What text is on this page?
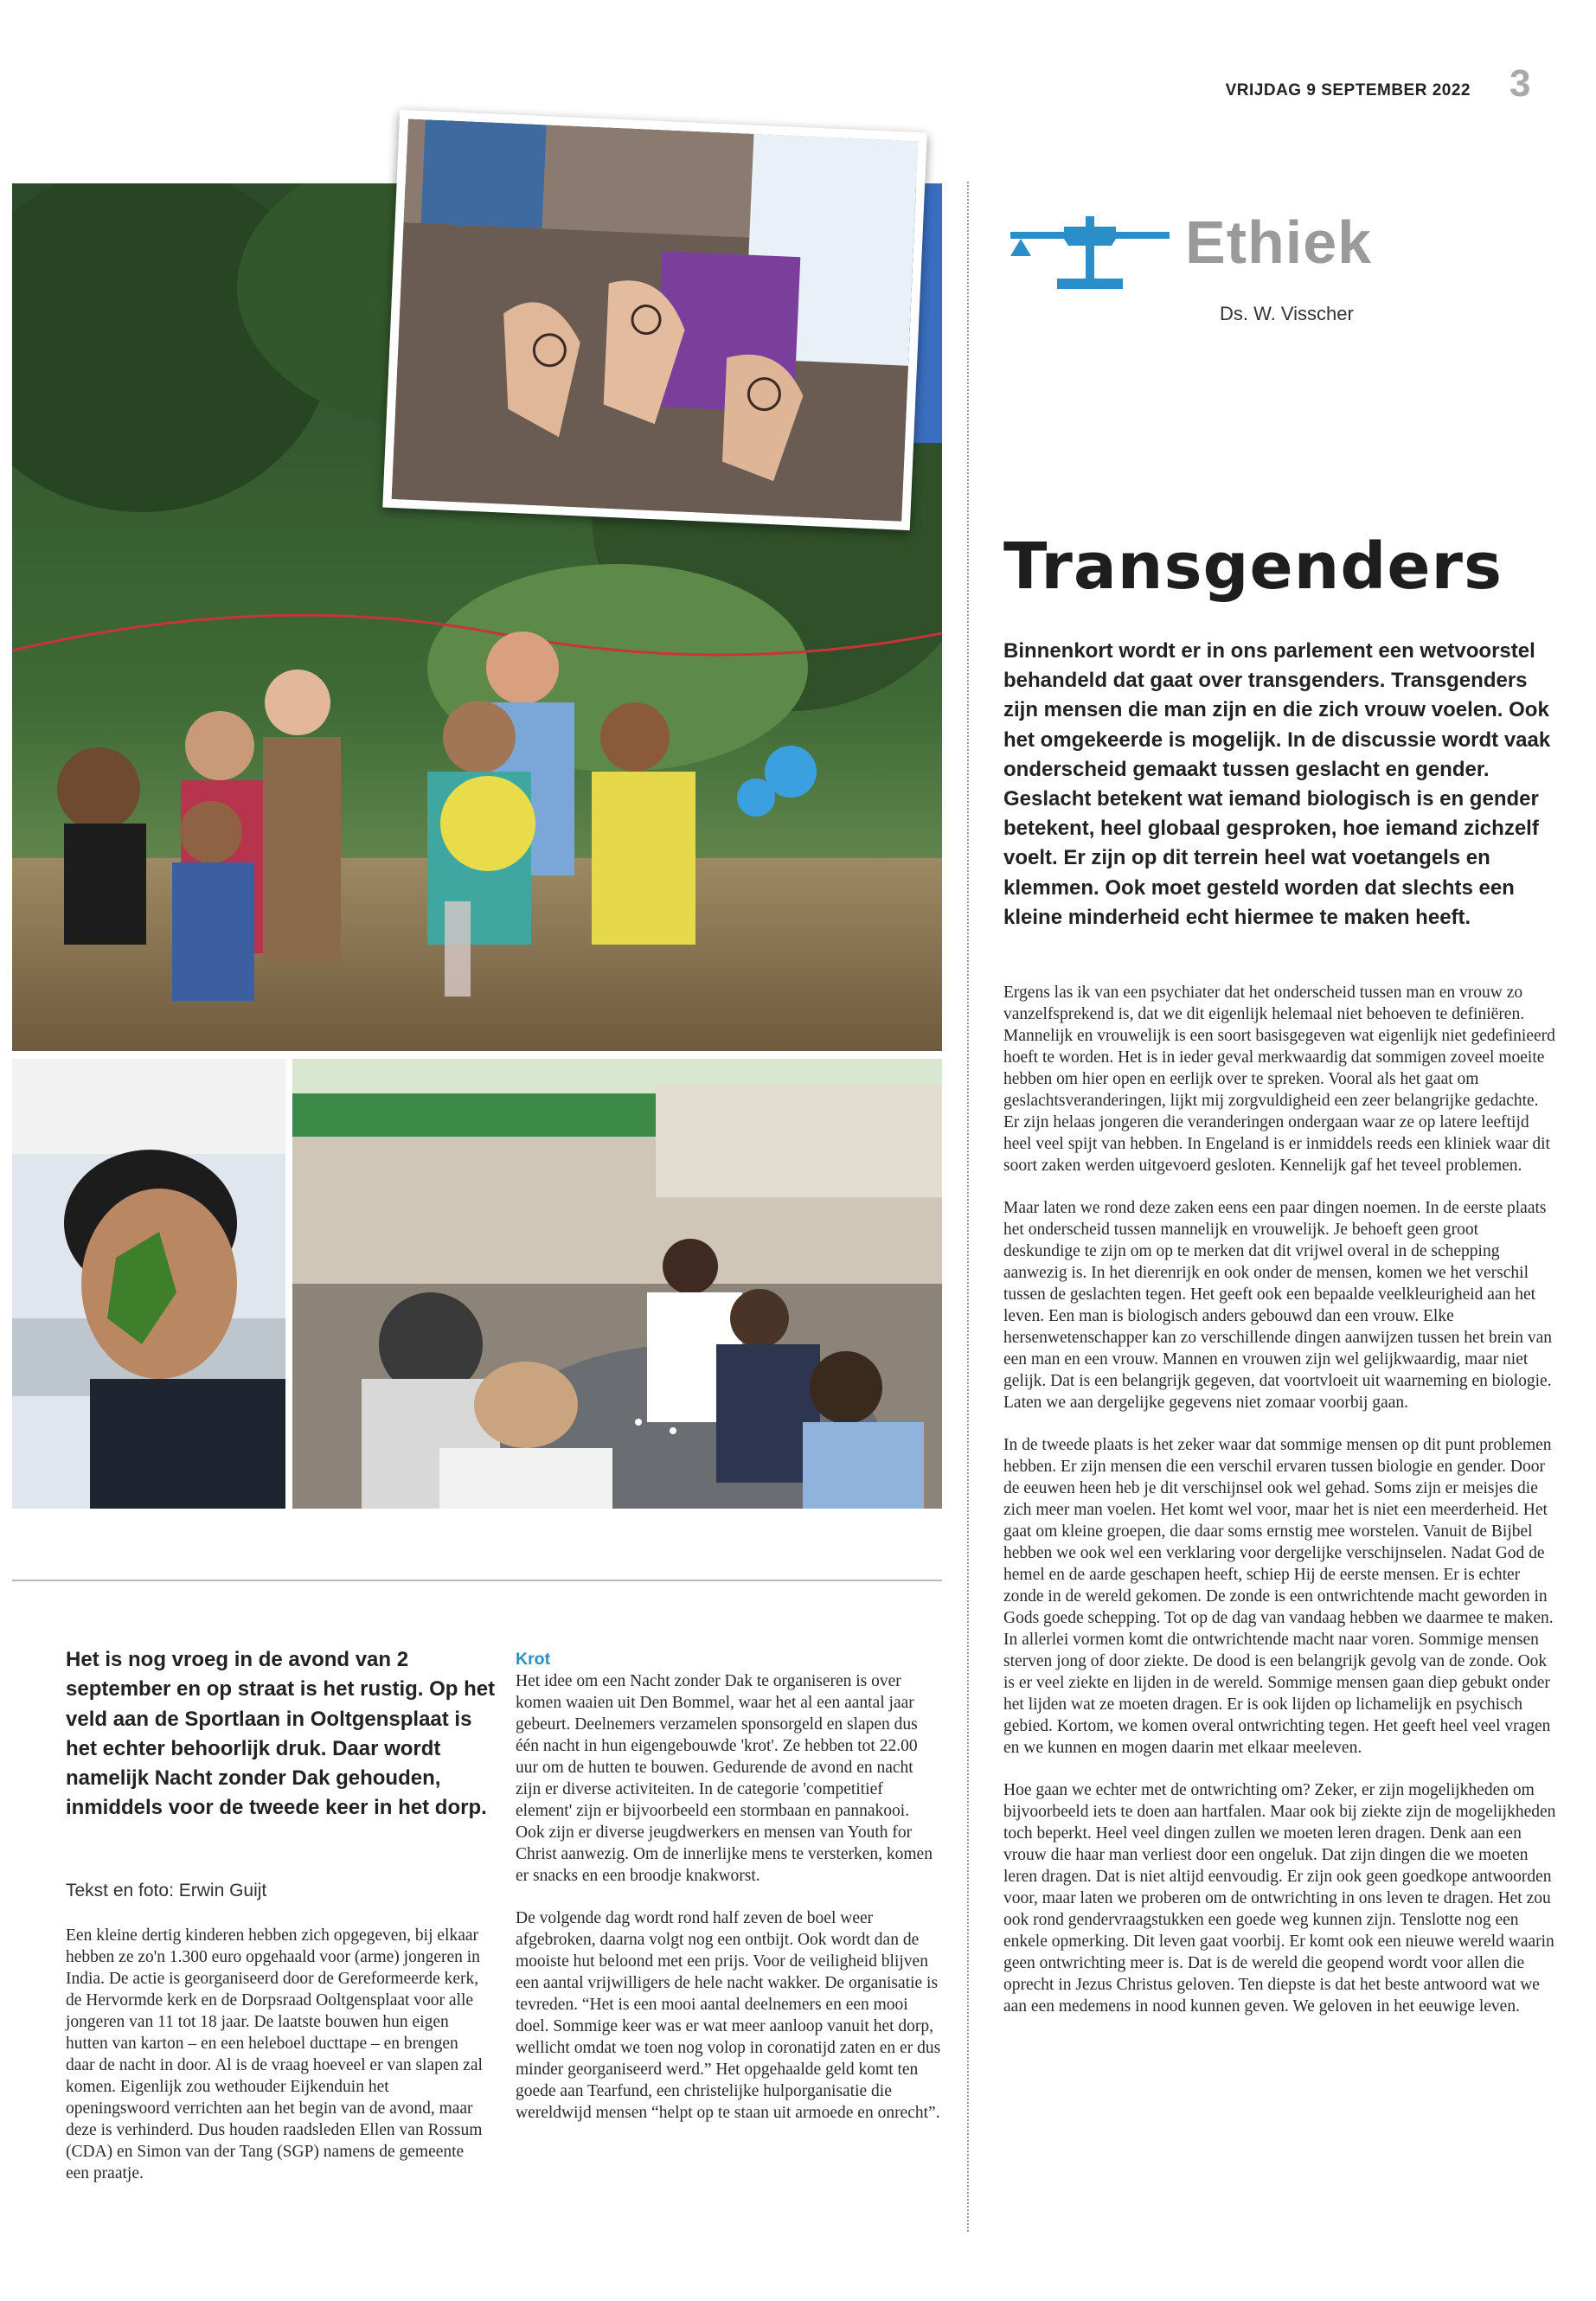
VRIJDAG 9 SEPTEMBER 2022 3
Ethiek
Ds. W. Visscher
Transgenders

Binnenkort wordt er in ons parlement een wetvoorstel behandeld dat gaat over transgenders. Transgenders zijn mensen die man zijn en die zich vrouw voelen. Ook het omgekeerde is mogelijk. In de discussie wordt vaak onderscheid gemaakt tussen geslacht en gender. Geslacht betekent wat iemand biologisch is en gender betekent, heel globaal gesproken, hoe iemand zichzelf voelt. Er zijn op dit terrein heel wat voetangels en klemmen. Ook moet gesteld worden dat slechts een kleine minderheid echt hiermee te maken heeft.

Ergens las ik van een psychiater dat het onderscheid tussen man en vrouw zo vanzelfsprekend is, dat we dit eigenlijk helemaal niet behoeven te definiëren. Mannelijk en vrouwelijk is een soort basisgegeven wat eigenlijk niet gedefinieerd hoeft te worden. Het is in ieder geval merkwaardig dat sommigen zoveel moeite hebben om hier open en eerlijk over te spreken. Vooral als het gaat om geslachtsveranderingen, lijkt mij zorgvuldigheid een zeer belangrijke gedachte. Er zijn helaas jongeren die veranderingen ondergaan waar ze op latere leeftijd heel veel spijt van hebben. In Engeland is er inmiddels reeds een kliniek waar dit soort zaken werden uitgevoerd gesloten. Kennelijk gaf het teveel problemen.

Maar laten we rond deze zaken eens een paar dingen noemen. In de eerste plaats het onderscheid tussen mannelijk en vrouwelijk. Je behoeft geen groot deskundige te zijn om op te merken dat dit vrijwel overal in de schepping aanwezig is. In het dierenrijk en ook onder de mensen, komen we het verschil tussen de geslachten tegen. Het geeft ook een bepaalde veelkleurigheid aan het leven. Een man is biologisch anders gebouwd dan een vrouw. Elke hersenwetenschapper kan zo verschillende dingen aanwijzen tussen het brein van een man en een vrouw. Mannen en vrouwen zijn wel gelijkwaardig, maar niet gelijk. Dat is een belangrijk gegeven, dat voortvloeit uit waarneming en biologie. Laten we aan dergelijke gegevens niet zomaar voorbij gaan.

In de tweede plaats is het zeker waar dat sommige mensen op dit punt problemen hebben. Er zijn mensen die een verschil ervaren tussen biologie en gender. Door de eeuwen heen heb je dit verschijnsel ook wel gehad. Soms zijn er meisjes die zich meer man voelen. Het komt wel voor, maar het is niet een meerderheid. Het gaat om kleine groepen, die daar soms ernstig mee worstelen. Vanuit de Bijbel hebben we ook wel een verklaring voor dergelijke verschijnselen. Nadat God de hemel en de aarde geschapen heeft, schiep Hij de eerste mensen. Er is echter zonde in de wereld gekomen. De zonde is een ontwrichtende macht geworden in Gods goede schepping. Tot op de dag van vandaag hebben we daarmee te maken. In allerlei vormen komt die ontwrichtende macht naar voren. Sommige mensen sterven jong of door ziekte. De dood is een belangrijk gevolg van de zonde. Ook is er veel ziekte en lijden in de wereld. Sommige mensen gaan diep gebukt onder het lijden wat ze moeten dragen. Er is ook lijden op lichamelijk en psychisch gebied. Kortom, we komen overal ontwrichting tegen. Het geeft heel veel vragen en we kunnen en mogen daarin met elkaar meeleven.

Hoe gaan we echter met de ontwrichting om? Zeker, er zijn mogelijkheden om bijvoorbeeld iets te doen aan hartfalen. Maar ook bij ziekte zijn de mogelijkheden toch beperkt. Heel veel dingen zullen we moeten leren dragen. Denk aan een vrouw die haar man verliest door een ongeluk. Dat zijn dingen die we moeten leren dragen. Dat is niet altijd eenvoudig. Er zijn ook geen goedkope antwoorden voor, maar laten we proberen om de ontwrichting in ons leven te dragen. Het zou ook rond gendervraagstukken een goede weg kunnen zijn. Tenslotte nog een enkele opmerking. Dit leven gaat voorbij. Er komt ook een nieuwe wereld waarin geen ontwrichting meer is. Dat is de wereld die geopend wordt voor allen die oprecht in Jezus Christus geloven. Ten diepste is dat het beste antwoord wat we aan een medemens in nood kunnen geven. We geloven in het eeuwige leven.

Het is nog vroeg in de avond van 2 september en op straat is het rustig. Op het veld aan de Sportlaan in Ooltgensplaat is het echter behoorlijk druk. Daar wordt namelijk Nacht zonder Dak gehouden, inmiddels voor de tweede keer in het dorp.

Tekst en foto: Erwin Guijt

Een kleine dertig kinderen hebben zich opgegeven, bij elkaar hebben ze zo'n 1.300 euro opgehaald voor (arme) jongeren in India. De actie is georganiseerd door de Gereformeerde kerk, de Hervormde kerk en de Dorpsraad Ooltgensplaat voor alle jongeren van 11 tot 18 jaar. De laatste bouwen hun eigen hutten van karton – en een heleboel ducttape – en brengen daar de nacht in door. Al is de vraag hoeveel er van slapen zal komen. Eigenlijk zou wethouder Eijkenduin het openingswoord verrichten aan het begin van de avond, maar deze is verhinderd. Dus houden raadsleden Ellen van Rossum (CDA) en Simon van der Tang (SGP) namens de gemeente een praatje.

Krot

Het idee om een Nacht zonder Dak te organiseren is over komen waaien uit Den Bommel, waar het al een aantal jaar gebeurt. Deelnemers verzamelen sponsorgeld en slapen dus één nacht in hun eigengebouwde 'krot'. Ze hebben tot 22.00 uur om de hutten te bouwen. Gedurende de avond en nacht zijn er diverse activiteiten. In de categorie 'competitief element' zijn er bijvoorbeeld een stormbaan en pannakooi. Ook zijn er diverse jeugdwerkers en mensen van Youth for Christ aanwezig. Om de innerlijke mens te versterken, komen er snacks en een broodje knakworst.

De volgende dag wordt rond half zeven de boel weer afgebroken, daarna volgt nog een ontbijt. Ook wordt dan de mooiste hut beloond met een prijs. Voor de veiligheid blijven een aantal vrijwilligers de hele nacht wakker. De organisatie is tevreden. “Het is een mooi aantal deelnemers en een mooi doel. Sommige keer was er wat meer aanloop vanuit het dorp, wellicht omdat we toen nog volop in coronatijd zaten en er dus minder georganiseerd werd.” Het opgehaalde geld komt ten goede aan Tearfund, een christelijke hulporganisatie die wereldwijd mensen “helpt op te staan uit armoede en onrecht”.
